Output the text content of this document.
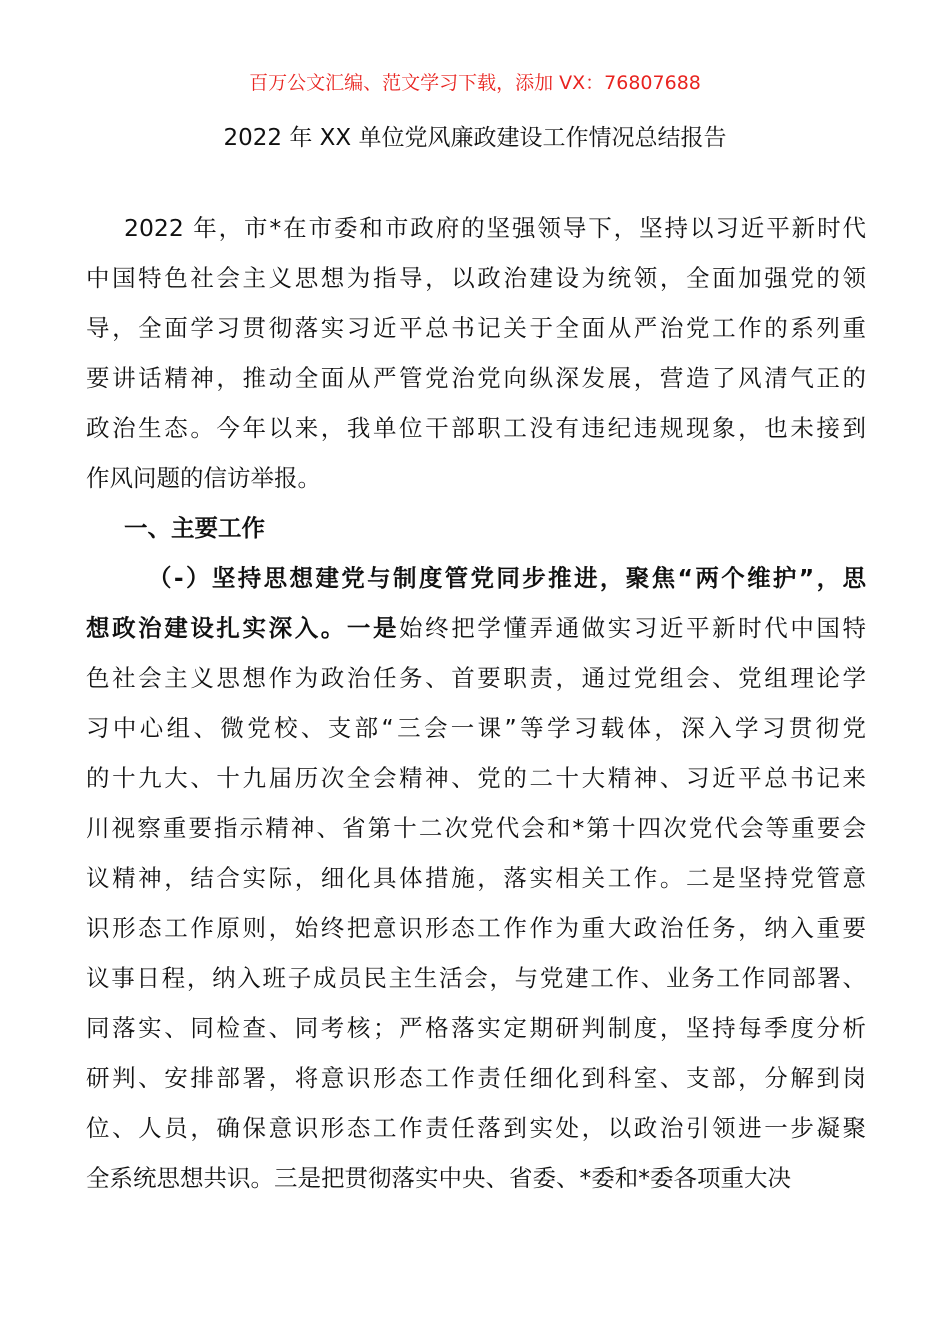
百万公文汇编、范文学习下载，添加 VX：76807688
2022 年 XX 单位党风廉政建设工作情况总结报告
2022 年，市*在市委和市政府的坚强领导下，坚持以习近平新时代
中国特色社会主义思想为指导，以政治建设为统领，全面加强党的领
导，全面学习贯彻落实习近平总书记关于全面从严治党工作的系列重
要讲话精神，推动全面从严管党治党向纵深发展，营造了风清气正的
政治生态。今年以来，我单位干部职工没有违纪违规现象，也未接到
作风问题的信访举报。
一、主要工作
（-）坚持思想建党与制度管党同步推进，聚焦“两个维护”，思
想政治建设扎实深入。一是始终把学懂弄通做实习近平新时代中国特
色社会主义思想作为政治任务、首要职责，通过党组会、党组理论学
习中心组、微党校、支部“三会一课”等学习载体，深入学习贯彻党
的十九大、十九届历次全会精神、党的二十大精神、习近平总书记来
川视察重要指示精神、省第十二次党代会和*第十四次党代会等重要会
议精神，结合实际，细化具体措施，落实相关工作。二是坚持党管意
识形态工作原则，始终把意识形态工作作为重大政治任务，纳入重要
议事日程，纳入班子成员民主生活会，与党建工作、业务工作同部署、
同落实、同检查、同考核；严格落实定期研判制度，坚持每季度分析
研判、安排部署，将意识形态工作责任细化到科室、支部，分解到岗
位、人员，确保意识形态工作责任落到实处，以政治引领进一步凝聚
全系统思想共识。三是把贯彻落实中央、省委、*委和*委各项重大决
